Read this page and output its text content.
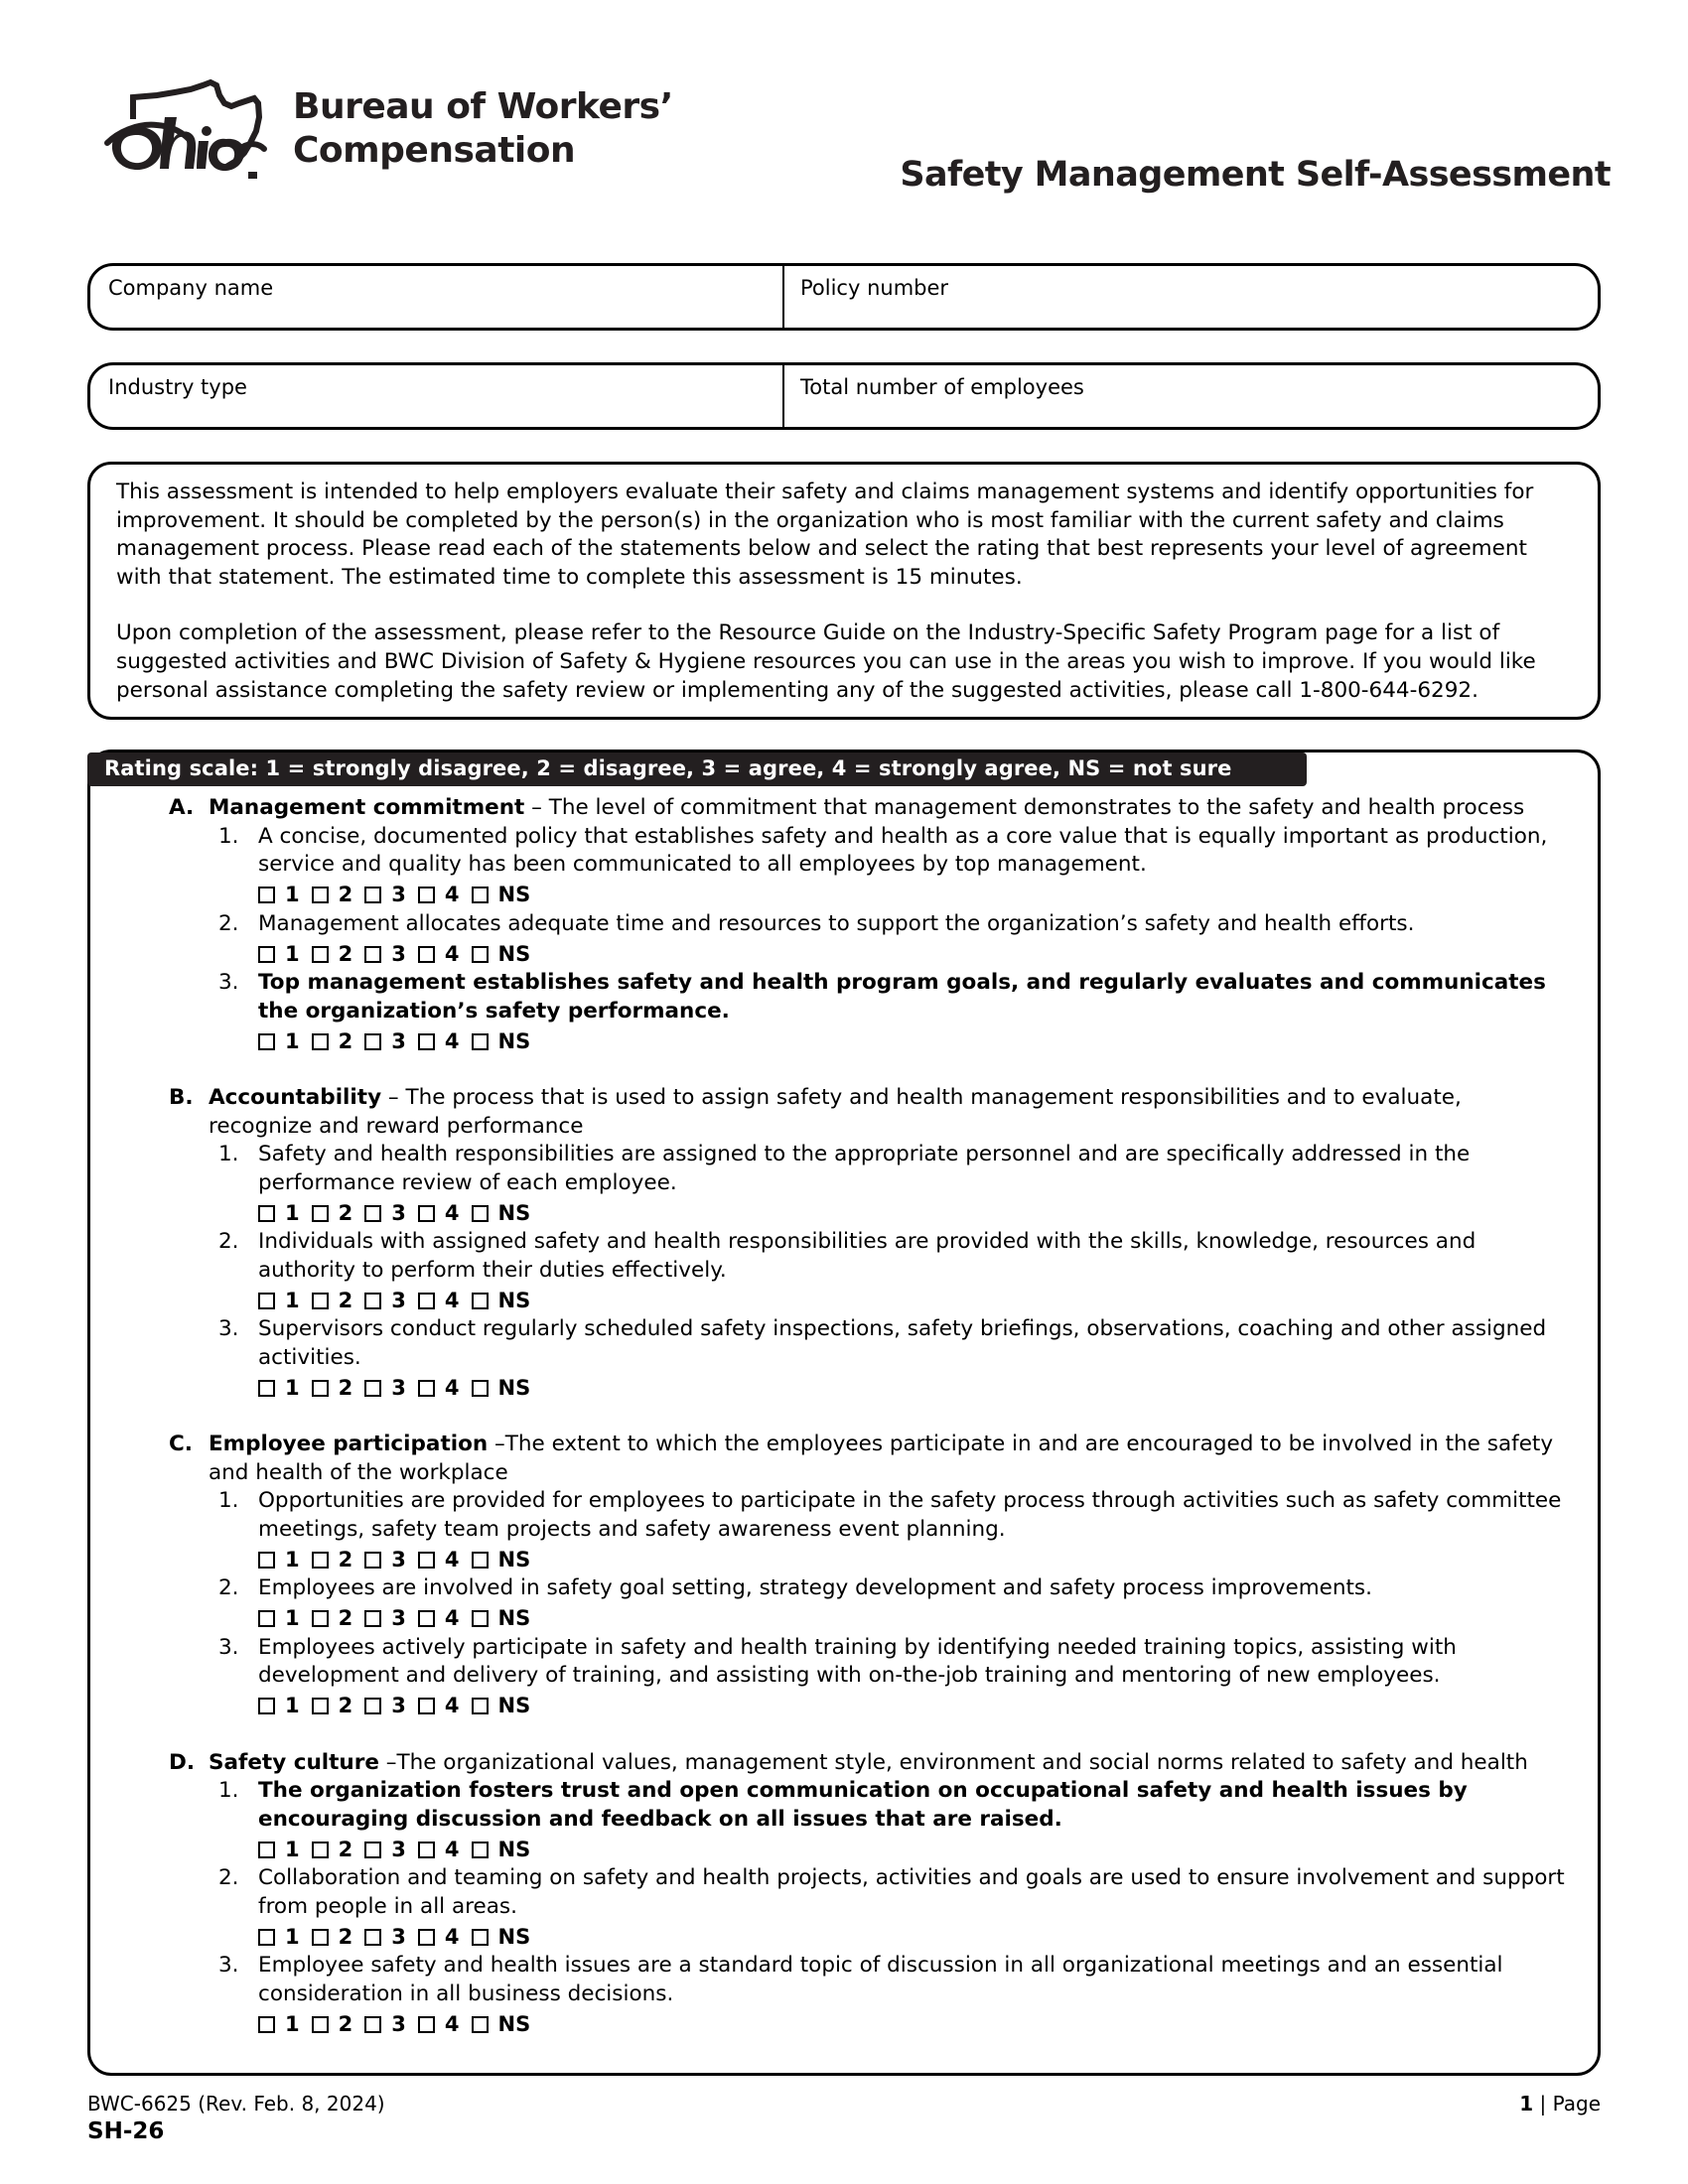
Bureau of Workers’
Compensation
Safety Management Self-Assessment
Company name	Policy number
Industry type	Total number of employees

This assessment is intended to help employers evaluate their safety and claims management systems and identify opportunities for improvement. It should be completed by the person(s) in the organization who is most familiar with the current safety and claims management process. Please read each of the statements below and select the rating that best represents your level of agreement with that statement. The estimated time to complete this assessment is 15 minutes.

Upon completion of the assessment, please refer to the Resource Guide on the Industry-Specific Safety Program page for a list of suggested activities and BWC Division of Safety & Hygiene resources you can use in the areas you wish to improve. If you would like personal assistance completing the safety review or implementing any of the suggested activities, please call 1-800-644-6292.

Rating scale: 1 = strongly disagree, 2 = disagree, 3 = agree, 4 = strongly agree, NS = not sure
A. Management commitment – The level of commitment that management demonstrates to the safety and health process
1. A concise, documented policy that establishes safety and health as a core value that is equally important as production, service and quality has been communicated to all employees by top management.
1 2 3 4 NS
2. Management allocates adequate time and resources to support the organization’s safety and health efforts.
1 2 3 4 NS
3. Top management establishes safety and health program goals, and regularly evaluates and communicates the organization’s safety performance.
1 2 3 4 NS
B. Accountability – The process that is used to assign safety and health management responsibilities and to evaluate, recognize and reward performance
1. Safety and health responsibilities are assigned to the appropriate personnel and are specifically addressed in the performance review of each employee.
1 2 3 4 NS
2. Individuals with assigned safety and health responsibilities are provided with the skills, knowledge, resources and authority to perform their duties effectively.
1 2 3 4 NS
3. Supervisors conduct regularly scheduled safety inspections, safety briefings, observations, coaching and other assigned activities.
1 2 3 4 NS
C. Employee participation –The extent to which the employees participate in and are encouraged to be involved in the safety and health of the workplace
1. Opportunities are provided for employees to participate in the safety process through activities such as safety committee meetings, safety team projects and safety awareness event planning.
1 2 3 4 NS
2. Employees are involved in safety goal setting, strategy development and safety process improvements.
1 2 3 4 NS
3. Employees actively participate in safety and health training by identifying needed training topics, assisting with development and delivery of training, and assisting with on-the-job training and mentoring of new employees.
1 2 3 4 NS
D. Safety culture –The organizational values, management style, environment and social norms related to safety and health
1. The organization fosters trust and open communication on occupational safety and health issues by encouraging discussion and feedback on all issues that are raised.
1 2 3 4 NS
2. Collaboration and teaming on safety and health projects, activities and goals are used to ensure involvement and support from people in all areas.
1 2 3 4 NS
3. Employee safety and health issues are a standard topic of discussion in all organizational meetings and an essential consideration in all business decisions.
1 2 3 4 NS
BWC-6625 (Rev. Feb. 8, 2024)
SH-26
1 | Page
